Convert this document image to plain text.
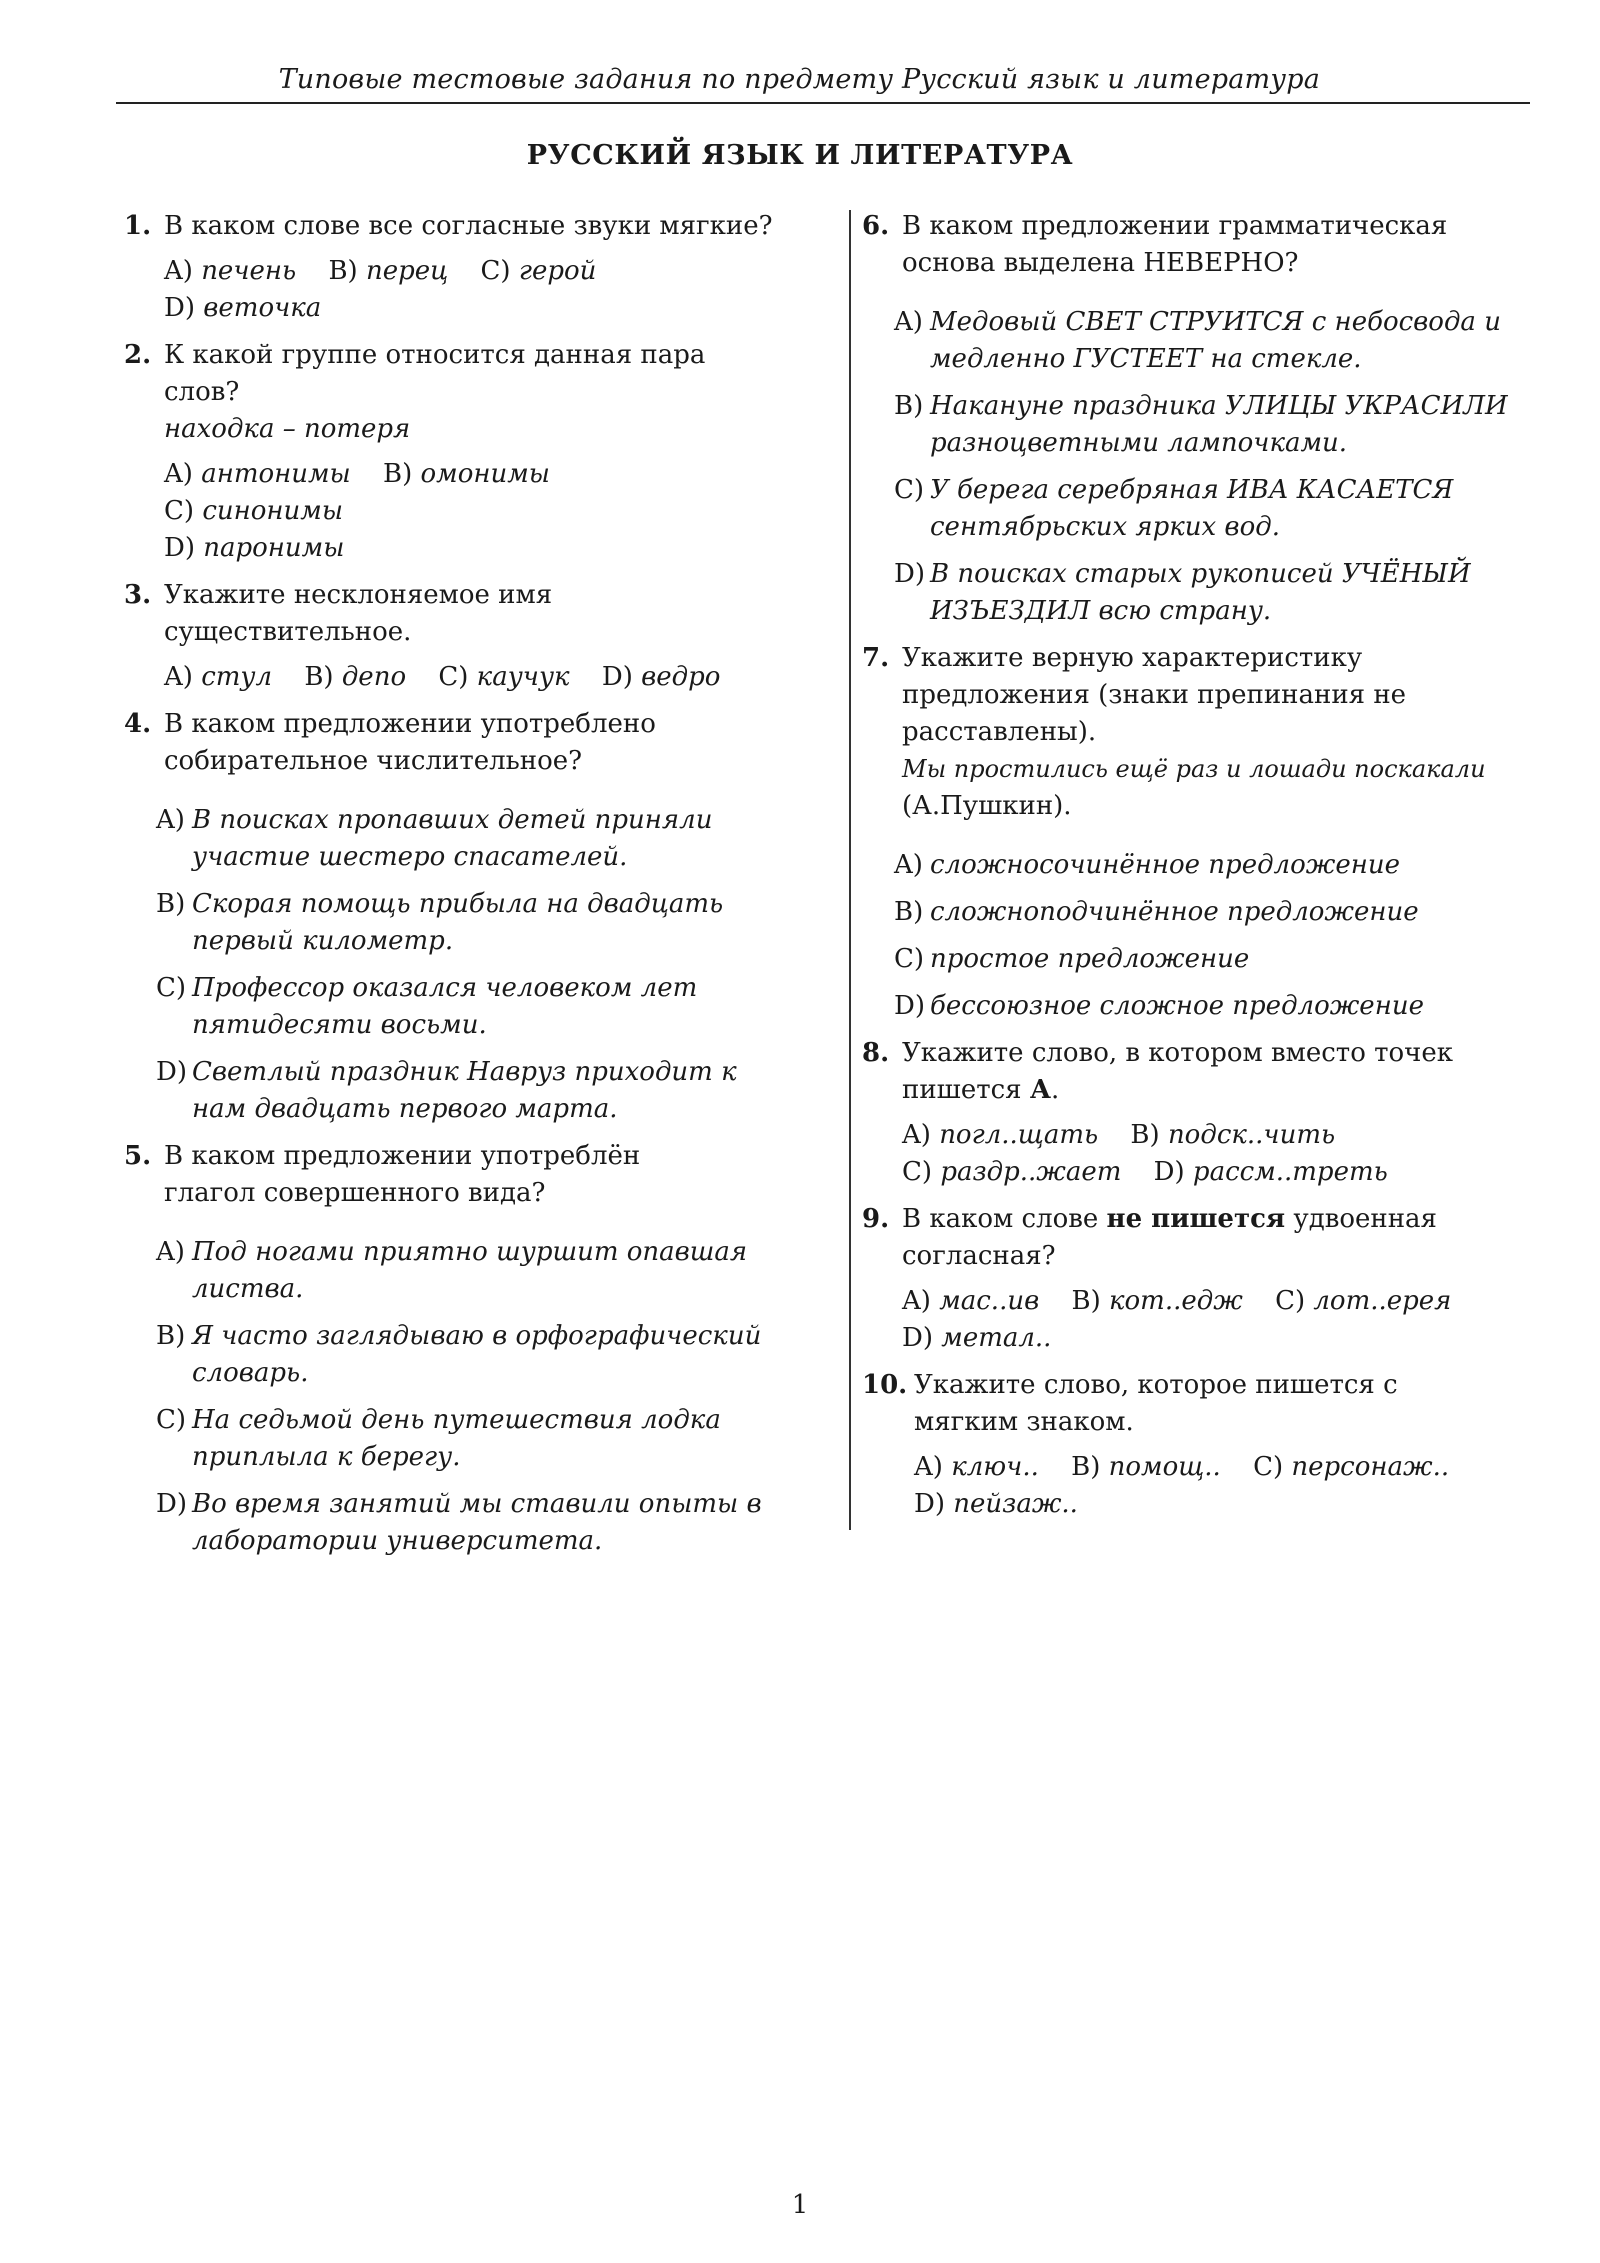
Типовые тестовые задания по предмету Русский язык и литература
РУССКИЙ ЯЗЫК И ЛИТЕРАТУРА
1. В каком слове все согласные звуки мягкие?
A) печень B) перец C) герой
D) веточка
2. К какой группе относится данная пара слов?
находка – потеря
A) антонимы B) омонимы C) синонимы
D) паронимы
3. Укажите несклоняемое имя существительное.
A) стул B) депо C) каучук D) ведро
4. В каком предложении употреблено собирательное числительное?
A) В поисках пропавших детей приняли участие шестеро спасателей.
B) Скорая помощь прибыла на двадцать первый километр.
C) Профессор оказался человеком лет пятидесяти восьми.
D) Светлый праздник Навруз приходит к нам двадцать первого марта.
5. В каком предложении употреблён глагол совершенного вида?
A) Под ногами приятно шуршит опавшая листва.
B) Я часто заглядываю в орфографический словарь.
C) На седьмой день путешествия лодка приплыла к берегу.
D) Во время занятий мы ставили опыты в лаборатории университета.
6. В каком предложении грамматическая основа выделена НЕВЕРНО?
A) Медовый СВЕТ СТРУИТСЯ с небосвода и медленно ГУСТЕЕТ на стекле.
B) Накануне праздника УЛИЦЫ УКРАСИЛИ разноцветными лампочками.
C) У берега серебряная ИВА КАСАЕТСЯ сентябрьских ярких вод.
D) В поисках старых рукописей УЧЁНЫЙ ИЗЪЕЗДИЛ всю страну.
7. Укажите верную характеристику предложения (знаки препинания не расставлены).
Мы простились ещё раз и лошади поскакали
(А.Пушкин).
A) сложносочинённое предложение
B) сложноподчинённое предложение
C) простое предложение
D) бессоюзное сложное предложение
8. Укажите слово, в котором вместо точек пишется А.
A) погл..щать B) подск..чить
C) раздр..жает D) рассм..треть
9. В каком слове не пишется удвоенная согласная?
A) мас..ив B) кот..едж C) лот..ерея
D) метал..
10. Укажите слово, которое пишется с мягким знаком.
A) ключ.. B) помощ.. C) персонаж..
D) пейзаж..
1
